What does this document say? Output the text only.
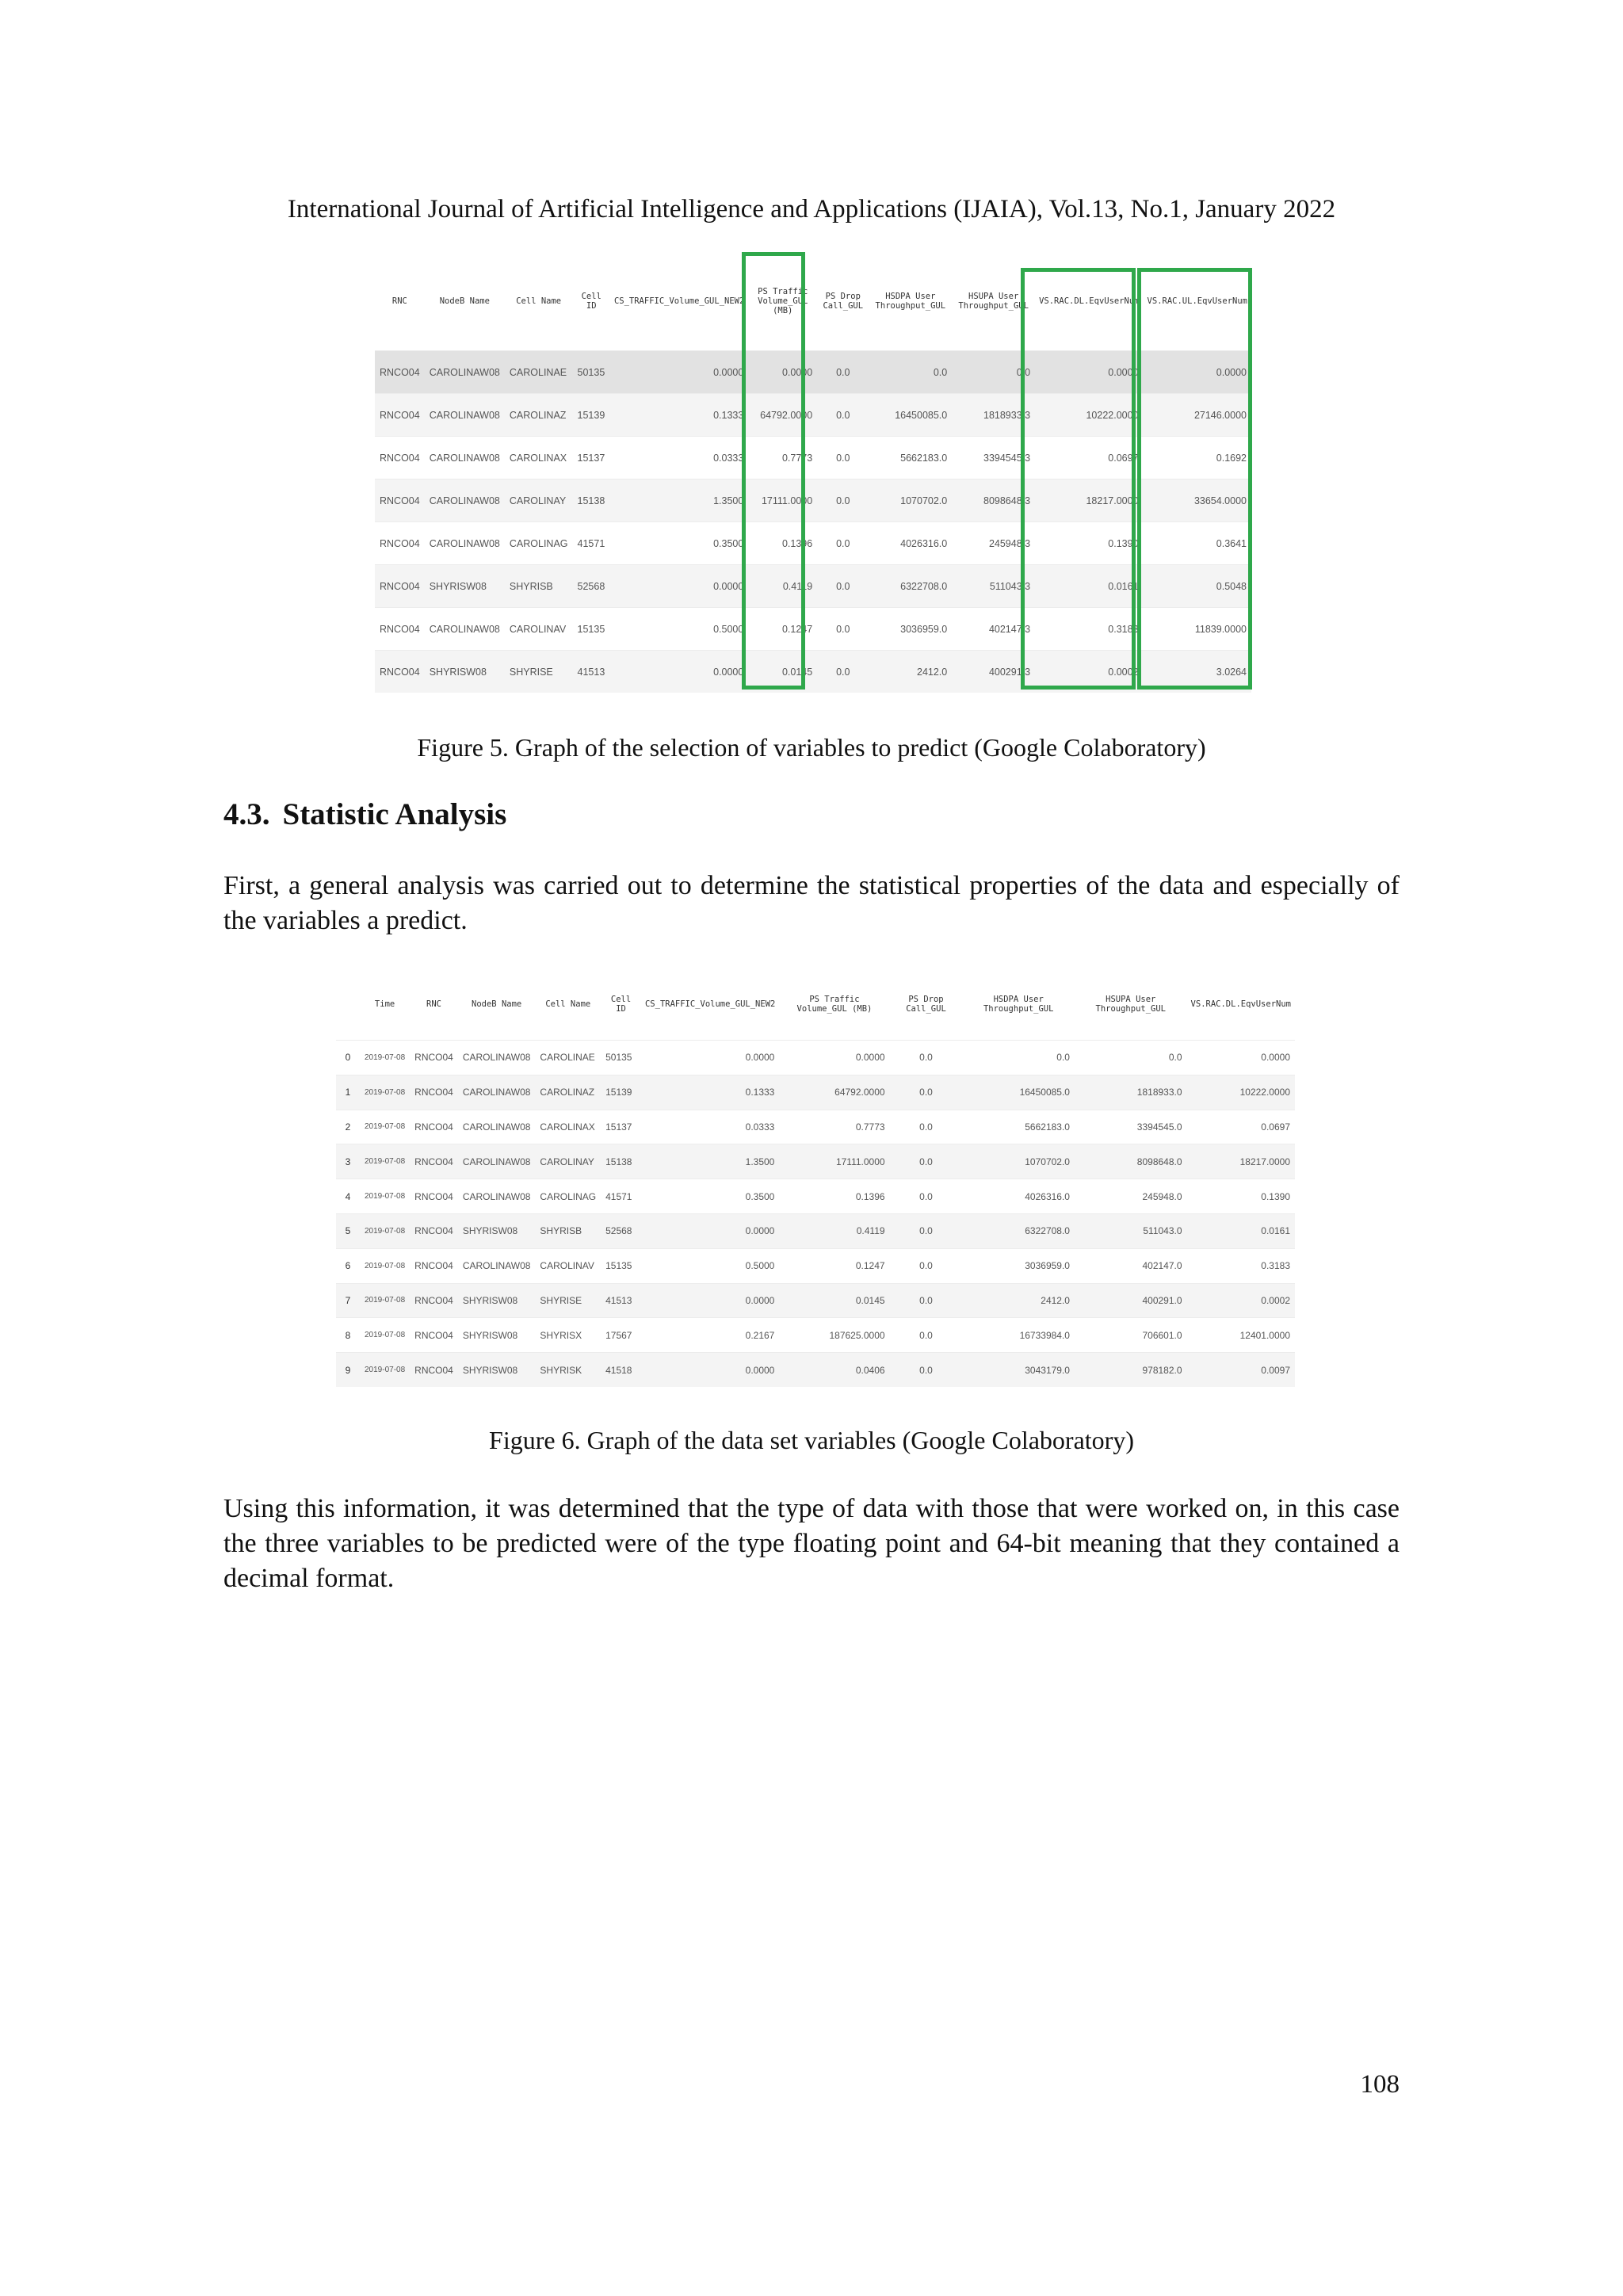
International Journal of Artificial Intelligence and Applications (IJAIA), Vol.13, No.1, January 2022
RNC	NodeB Name	Cell Name	Cell ID	CS_TRAFFIC_Volume_GUL_NEW2	PS Traffic Volume_GUL (MB)	PS Drop Call_GUL	HSDPA User Throughput_GUL	HSUPA User Throughput_GUL	VS.RAC.DL.EqvUserNum	VS.RAC.UL.EqvUserNum
RNCO04	CAROLINAW08	CAROLINAE	50135	0.0000	0.0000	0.0	0.0	0.0	0.0000	0.0000
RNCO04	CAROLINAW08	CAROLINAZ	15139	0.1333	64792.0000	0.0	16450085.0	1818933.3	10222.0000	27146.0000
RNCO04	CAROLINAW08	CAROLINAX	15137	0.0333	0.7773	0.0	5662183.0	3394545.3	0.0697	0.1692
RNCO04	CAROLINAW08	CAROLINAY	15138	1.3500	17111.0000	0.0	1070702.0	8098648.3	18217.0000	33654.0000
RNCO04	CAROLINAW08	CAROLINAG	41571	0.3500	0.1396	0.0	4026316.0	245948.3	0.1390	0.3641
RNCO04	SHYRISW08	SHYRISB	52568	0.0000	0.4119	0.0	6322708.0	511043.3	0.0161	0.5048
RNCO04	CAROLINAW08	CAROLINAV	15135	0.5000	0.1247	0.0	3036959.0	402147.3	0.3183	11839.0000
RNCO04	SHYRISW08	SHYRISE	41513	0.0000	0.0145	0.0	2412.0	400291.3	0.0002	3.0264
Figure 5. Graph of the selection of variables to predict (Google Colaboratory)
4.3. Statistic Analysis
First, a general analysis was carried out to determine the statistical properties of the data and especially of the variables a predict.
	Time	RNC	NodeB Name	Cell Name	Cell ID	CS_TRAFFIC_Volume_GUL_NEW2	PS Traffic Volume_GUL (MB)	PS Drop Call_GUL	HSDPA User Throughput_GUL	HSUPA User Throughput_GUL	VS.RAC.DL.EqvUserNum
0	2019-07-08	RNCO04	CAROLINAW08	CAROLINAE	50135	0.0000	0.0000	0.0	0.0	0.0	0.0000
1	2019-07-08	RNCO04	CAROLINAW08	CAROLINAZ	15139	0.1333	64792.0000	0.0	16450085.0	1818933.0	10222.0000
2	2019-07-08	RNCO04	CAROLINAW08	CAROLINAX	15137	0.0333	0.7773	0.0	5662183.0	3394545.0	0.0697
3	2019-07-08	RNCO04	CAROLINAW08	CAROLINAY	15138	1.3500	17111.0000	0.0	1070702.0	8098648.0	18217.0000
4	2019-07-08	RNCO04	CAROLINAW08	CAROLINAG	41571	0.3500	0.1396	0.0	4026316.0	245948.0	0.1390
5	2019-07-08	RNCO04	SHYRISW08	SHYRISB	52568	0.0000	0.4119	0.0	6322708.0	511043.0	0.0161
6	2019-07-08	RNCO04	CAROLINAW08	CAROLINAV	15135	0.5000	0.1247	0.0	3036959.0	402147.0	0.3183
7	2019-07-08	RNCO04	SHYRISW08	SHYRISE	41513	0.0000	0.0145	0.0	2412.0	400291.0	0.0002
8	2019-07-08	RNCO04	SHYRISW08	SHYRISX	17567	0.2167	187625.0000	0.0	16733984.0	706601.0	12401.0000
9	2019-07-08	RNCO04	SHYRISW08	SHYRISK	41518	0.0000	0.0406	0.0	3043179.0	978182.0	0.0097
Figure 6. Graph of the data set variables (Google Colaboratory)
Using this information, it was determined that the type of data with those that were worked on, in this case the three variables to be predicted were of the type floating point and 64-bit meaning that they contained a decimal format.
108
